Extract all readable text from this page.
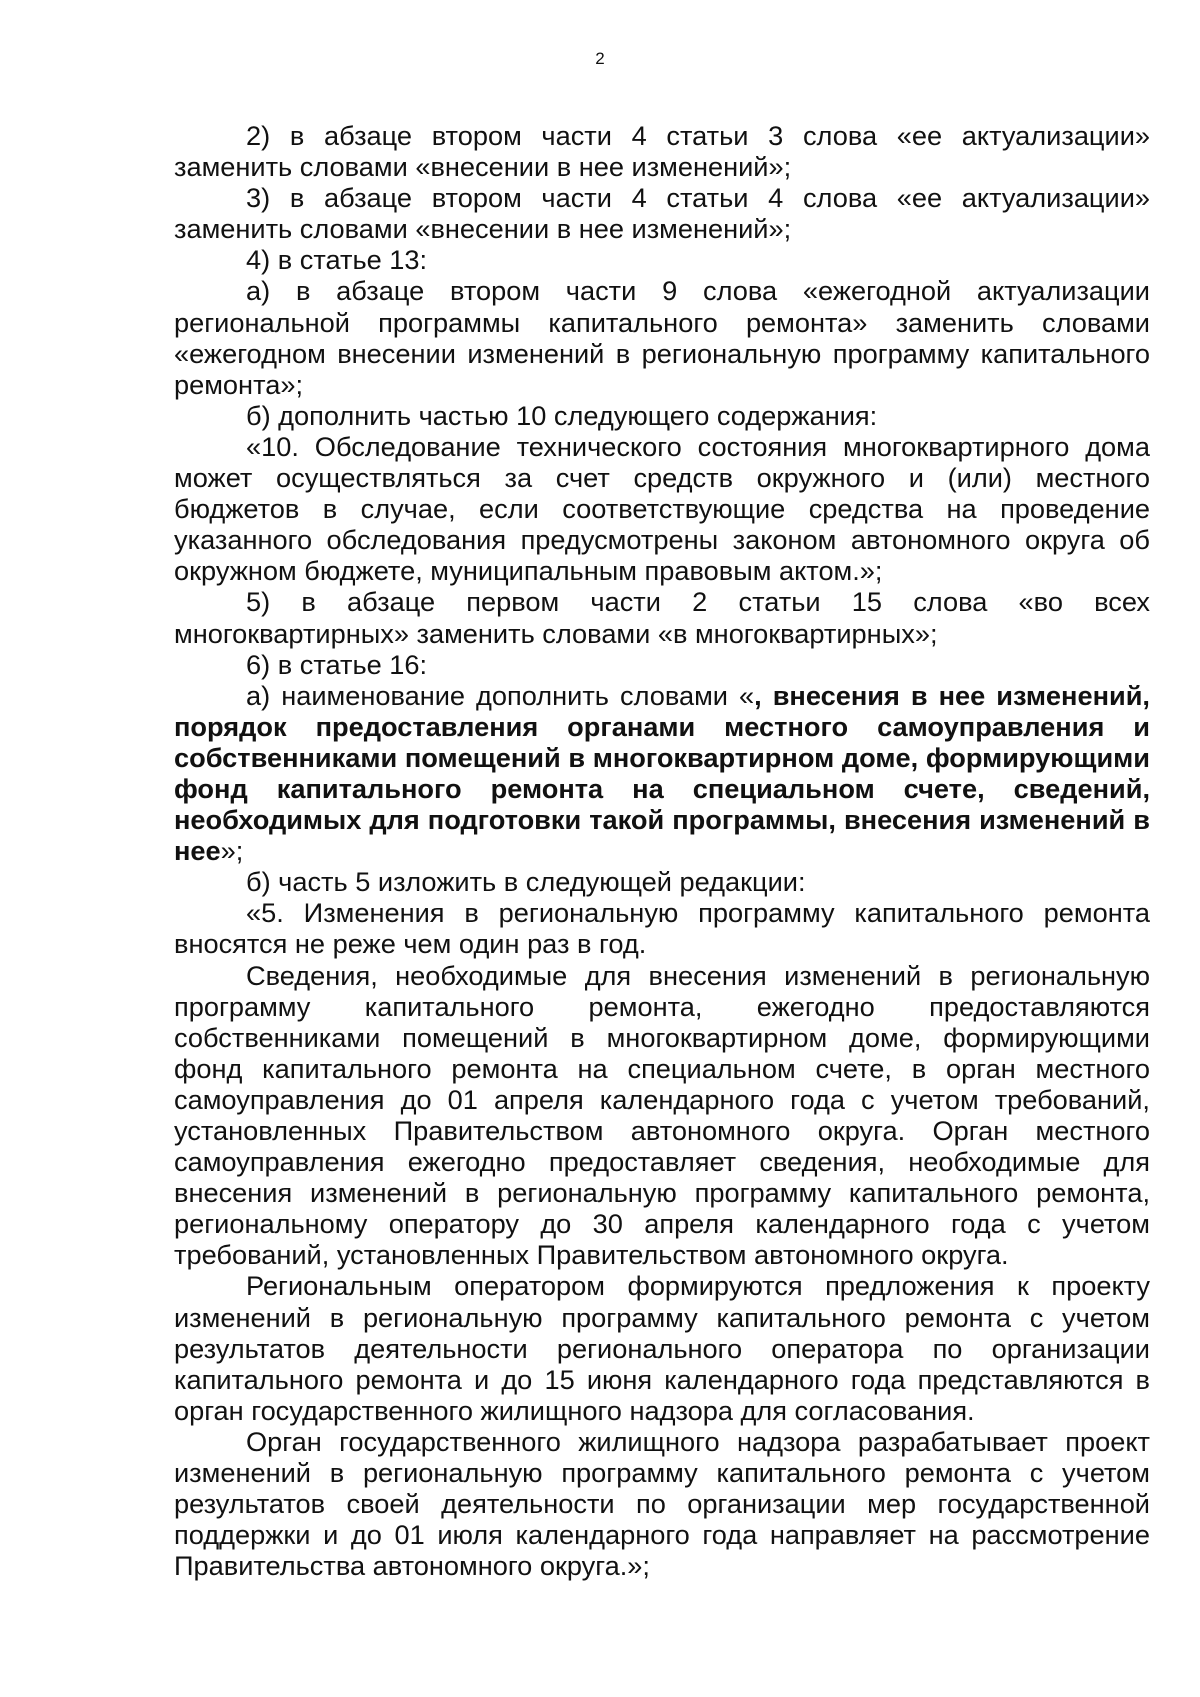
2

2) в абзаце втором части 4 статьи 3 слова «ее актуализации» заменить словами «внесении в нее изменений»;

3) в абзаце втором части 4 статьи 4 слова «ее актуализации» заменить словами «внесении в нее изменений»;

4) в статье 13:

а) в абзаце втором части 9 слова «ежегодной актуализации региональной программы капитального ремонта» заменить словами «ежегодном внесении изменений в региональную программу капитального ремонта»;

б) дополнить частью 10 следующего содержания:

«10. Обследование технического состояния многоквартирного дома может осуществляться за счет средств окружного и (или) местного бюджетов в случае, если соответствующие средства на проведение указанного обследования предусмотрены законом автономного округа об окружном бюджете, муниципальным правовым актом.»;

5) в абзаце первом части 2 статьи 15 слова «во всех многоквартирных» заменить словами «в многоквартирных»;

6) в статье 16:

а) наименование дополнить словами «, внесения в нее изменений, порядок предоставления органами местного самоуправления и собственниками помещений в многоквартирном доме, формирующими фонд капитального ремонта на специальном счете, сведений, необходимых для подготовки такой программы, внесения изменений в нее»;

б) часть 5 изложить в следующей редакции:

«5. Изменения в региональную программу капитального ремонта вносятся не реже чем один раз в год.

Сведения, необходимые для внесения изменений в региональную программу капитального ремонта, ежегодно предоставляются собственниками помещений в многоквартирном доме, формирующими фонд капитального ремонта на специальном счете, в орган местного самоуправления до 01 апреля календарного года с учетом требований, установленных Правительством автономного округа. Орган местного самоуправления ежегодно предоставляет сведения, необходимые для внесения изменений в региональную программу капитального ремонта, региональному оператору до 30 апреля календарного года с учетом требований, установленных Правительством автономного округа.

Региональным оператором формируются предложения к проекту изменений в региональную программу капитального ремонта с учетом результатов деятельности регионального оператора по организации капитального ремонта и до 15 июня календарного года представляются в орган государственного жилищного надзора для согласования.

Орган государственного жилищного надзора разрабатывает проект изменений в региональную программу капитального ремонта с учетом результатов своей деятельности по организации мер государственной поддержки и до 01 июля календарного года направляет на рассмотрение Правительства автономного округа.»;
